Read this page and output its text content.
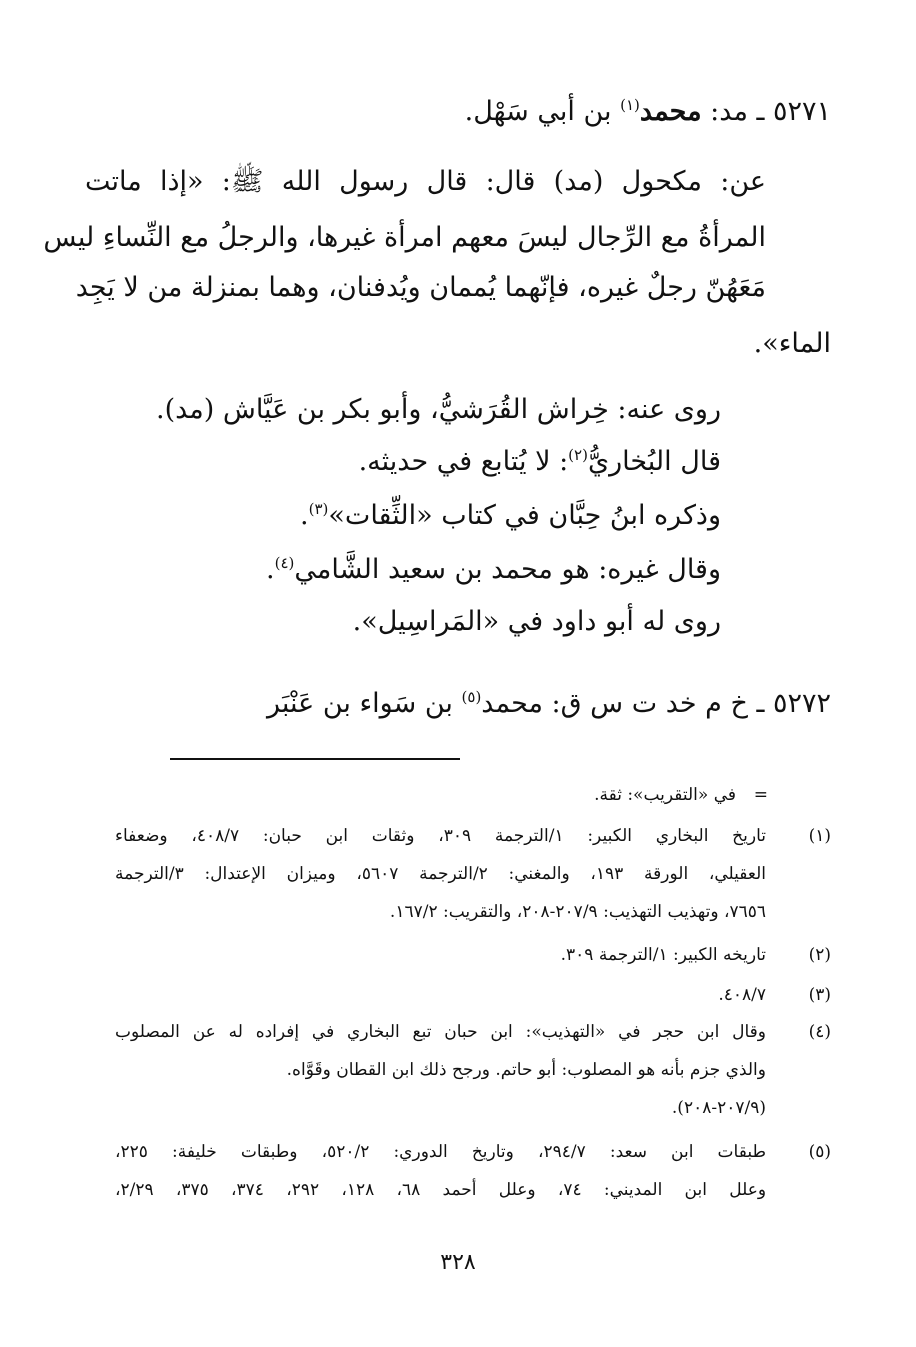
٥٢٧١ ـ مد: محمد$^{(١)}$ بن أبي سَهْل.
عن: مكحول (مد) قال: قال رسول الله ﷺ: «إذا ماتت
المرأةُ مع الرِّجال ليسَ معهم امرأة غيرها، والرجلُ مع النِّساءِ ليس
مَعَهُنّ رجلٌ غيره، فإنّهما يُممان ويُدفنان، وهما بمنزلة من لا يَجِد
الماء».
روى عنه: خِراش القُرَشيُّ، وأبو بكر بن عَيَّاش (مد).
قال البُخاريُّ$^{(٢)}$: لا يُتابع في حديثه.
وذكره ابنُ حِبَّان في كتاب «الثِّقات»$^{(٣)}$.
وقال غيره: هو محمد بن سعيد الشَّامي$^{(٤)}$.
روى له أبو داود في «المَراسِيل».
٥٢٧٢ ـ خ م خد ت س ق: محمد$^{(٥)}$ بن سَواء بن عَنْبَر
=
في «التقريب»: ثقة.
(١)
تاريخ البخاري الكبير: ١/الترجمة ٣٠٩، وثقات ابن حبان: ٤٠٨/٧، وضعفاء
العقيلي، الورقة ١٩٣، والمغني: ٢/الترجمة ٥٦٠٧، وميزان الإعتدال: ٣/الترجمة
٧٦٥٦، وتهذيب التهذيب: ٢٠٧/٩-٢٠٨، والتقريب: ١٦٧/٢.
(٢)
تاريخه الكبير: ١/الترجمة ٣٠٩.
(٣)
٤٠٨/٧.
(٤)
وقال ابن حجر في «التهذيب»: ابن حبان تبع البخاري في إفراده له عن المصلوب
والذي جزم بأنه هو المصلوب: أبو حاتم. ورجح ذلك ابن القطان وقَوَّاه.
(٢٠٧/٩-٢٠٨).
(٥)
طبقات ابن سعد: ٢٩٤/٧، وتاريخ الدوري: ٥٢٠/٢، وطبقات خليفة: ٢٢٥،
وعلل ابن المديني: ٧٤، وعلل أحمد ٦٨، ١٢٨، ٢٩٢، ٣٧٤، ٣٧٥، ٢/٢٩،
٣٢٨
